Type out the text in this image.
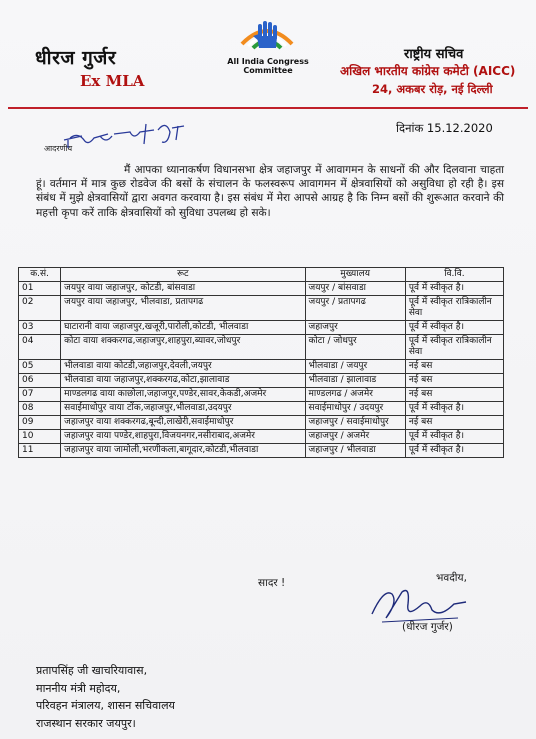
धीरज गुर्जर
Ex MLA
All India Congress
Committee
राष्ट्रीय सचिव
अखिल भारतीय कांग्रेस कमेटी (AICC)
24, अकबर रोड़, नई दिल्ली
आदरणीय
दिनांक 15.12.2020
मैं आपका ध्यानाकर्षण विधानसभा क्षेत्र जहाजपुर में आवागमन के साधनों की और दिलवाना चाहता हूं। वर्तमान में मात्र कुछ रोडवेज की बसों के संचालन के फलस्वरूप आवागमन में क्षेत्रवासियों को असुविधा हो रही है। इस संबंध में मुझे क्षेत्रवासियों द्वारा अवगत करवाया है। इस संबंध में मेरा आपसे आग्रह है कि निम्न बसों की शुरूआत करवाने की महत्ती कृपा करें ताकि क्षेत्रवासियों को सुविधा उपलब्ध हो सके।
क.सं.	रूट	मुख्यालय	वि.वि.
01	जयपुर वाया जहाजपुर, कोटडी, बांसवाडा	जयपुर / बांसवाडा	पूर्व में स्वीकृत है।
02	जयपुर वाया जहाजपुर, भीलवाडा, प्रतापगढ	जयपुर / प्रतापगढ	पूर्व में स्वीकृत रात्रिकालीन सेवा
03	घाटारानी वाया जहाजपुर,खजूरी,पारोली,कोटडी, भीलवाडा	जहाजपुर	पूर्व में स्वीकृत है।
04	कोटा वाया शक्करगढ,जहाजपुर,शाहपुरा,ब्यावर,जोधपुर	कोटा / जोधपुर	पूर्व में स्वीकृत रात्रिकालीन सेवा
05	भीलवाडा वाया कोटडी,जहाजपुर,देवली,जयपुर	भीलवाडा / जयपुर	नई बस
06	भीलवाडा वाया जहाजपुर,शक्करगढ,कोटा,झालावाड	भीलवाडा / झालावाड	नई बस
07	माण्डलगढ वाया काछोला,जहाजपुर,पण्डेर,सावर,केकडी,अजमेर	माण्डलगढ / अजमेर	नई बस
08	सवाईमाधोपुर वाया टोंक,जहाजपुर,भीलवाडा,उदयपुर	सवाईमाधोपुर / उदयपुर	पूर्व में स्वीकृत है।
09	जहाजपुर वाया शक्करगढ,बून्दी,लाखेरी,सवाईमाधोपुर	जहाजपुर / सवाईमाधोपुर	नई बस
10	जहाजपुर वाया पण्डेर,शाहपुरा,विजयनगर,नसीराबाद,अजमेर	जहाजपुर / अजमेर	पूर्व में स्वीकृत है।
11	जहाजपुर वाया जामोली,भरणीकला,बागूदार,कोटडी,भीलवाडा	जहाजपुर / भीलवाडा	पूर्व में स्वीकृत है।
सादर !	भवदीय,
(धीरज गुर्जर)
प्रतापसिंह जी खाचरियावास,
माननीय मंत्री महोदय,
परिवहन मंत्रालय, शासन सचिवालय
राजस्थान सरकार जयपुर।
